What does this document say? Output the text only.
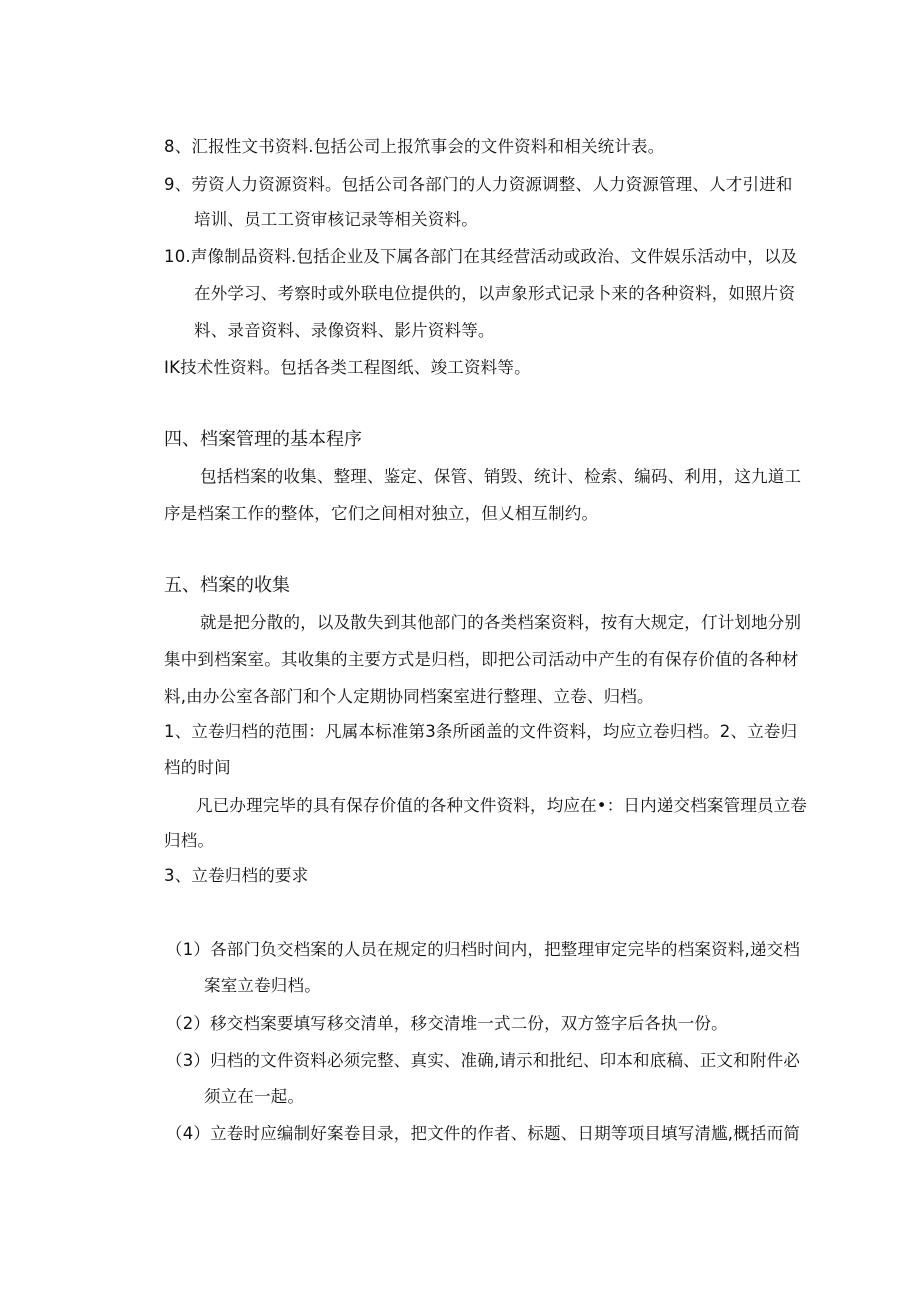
8、汇报性文书资料.包括公司上报笊事会的文件资料和相关统计表。
9、劳资人力资源资料。包括公司各部门的人力资源调整、人力资源管理、人才引进和
培训、员工工资审核记录等相关资料。
10.声像制品资料.包括企业及下属各部门在其经营活动或政治、文件娱乐活动中，以及
在外学习、考察时或外联电位提供的，以声象形式记录卜来的各种资料，如照片资
料、录音资料、录像资料、影片资料等。
IK技术性资料。包括各类工程图纸、竣工资料等。
四、档案管理的基本程序
包括档案的收集、整理、鉴定、保管、销毁、统计、检索、编码、利用，这九道工
序是档案工作的整体，它们之间相对独立，但乂相互制约。
五、档案的收集
就是把分散的，以及散失到其他部门的各类档案资料，按有大规定，仃计划地分别
集中到档案室。其收集的主要方式是归档，即把公司活动中产生的有保存价值的各种材
料,由办公室各部门和个人定期协同档案室进行整理、立卷、归档。
1、立卷归档的范围：凡属本标准第3条所函盖的文件资料，均应立卷归档。2、立卷归
档的时间
凡已办理完毕的具有保存价值的各种文件资料，均应在•：日内递交档案管理员立卷
归档。
3、立卷归档的要求
（1）各部门负交档案的人员在规定的归档时间内，把整理审定完毕的档案资料,递交档
案室立卷归档。
（2）移交档案要填写移交清单，移交清堆一式二份，双方签字后各执一份。
（3）归档的文件资料必须完整、真实、准确,请示和批纪、印本和底稿、正文和附件必
须立在一起。
（4）立卷时应编制好案卷目录，把文件的作者、标题、日期等项目填写清尴,概括而简
